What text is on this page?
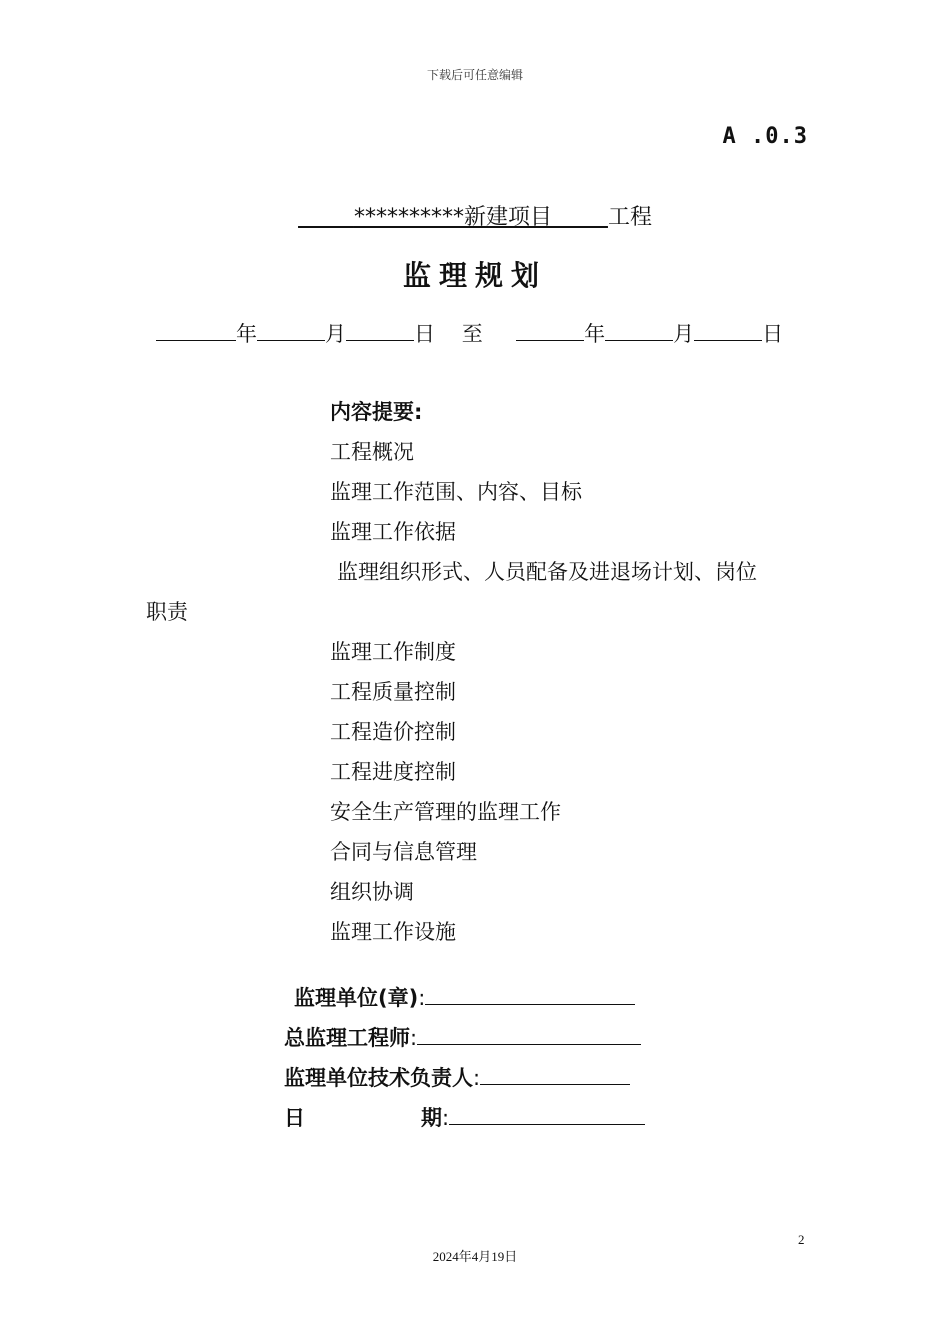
下载后可任意编辑
A .0.3
**********新建项目	工程
监理规划
年	月	日 至	年	月	日
内容提要:
工程概况
监理工作范围、内容、目标
监理工作依据
监理组织形式、人员配备及进退场计划、岗位
职责
监理工作制度
工程质量控制
工程造价控制
工程进度控制
安全生产管理的监理工作
合同与信息管理
组织协调
监理工作设施
监理单位(章):
总监理工程师:
监理单位技术负责人:
日	期:
2
2024年4月19日
